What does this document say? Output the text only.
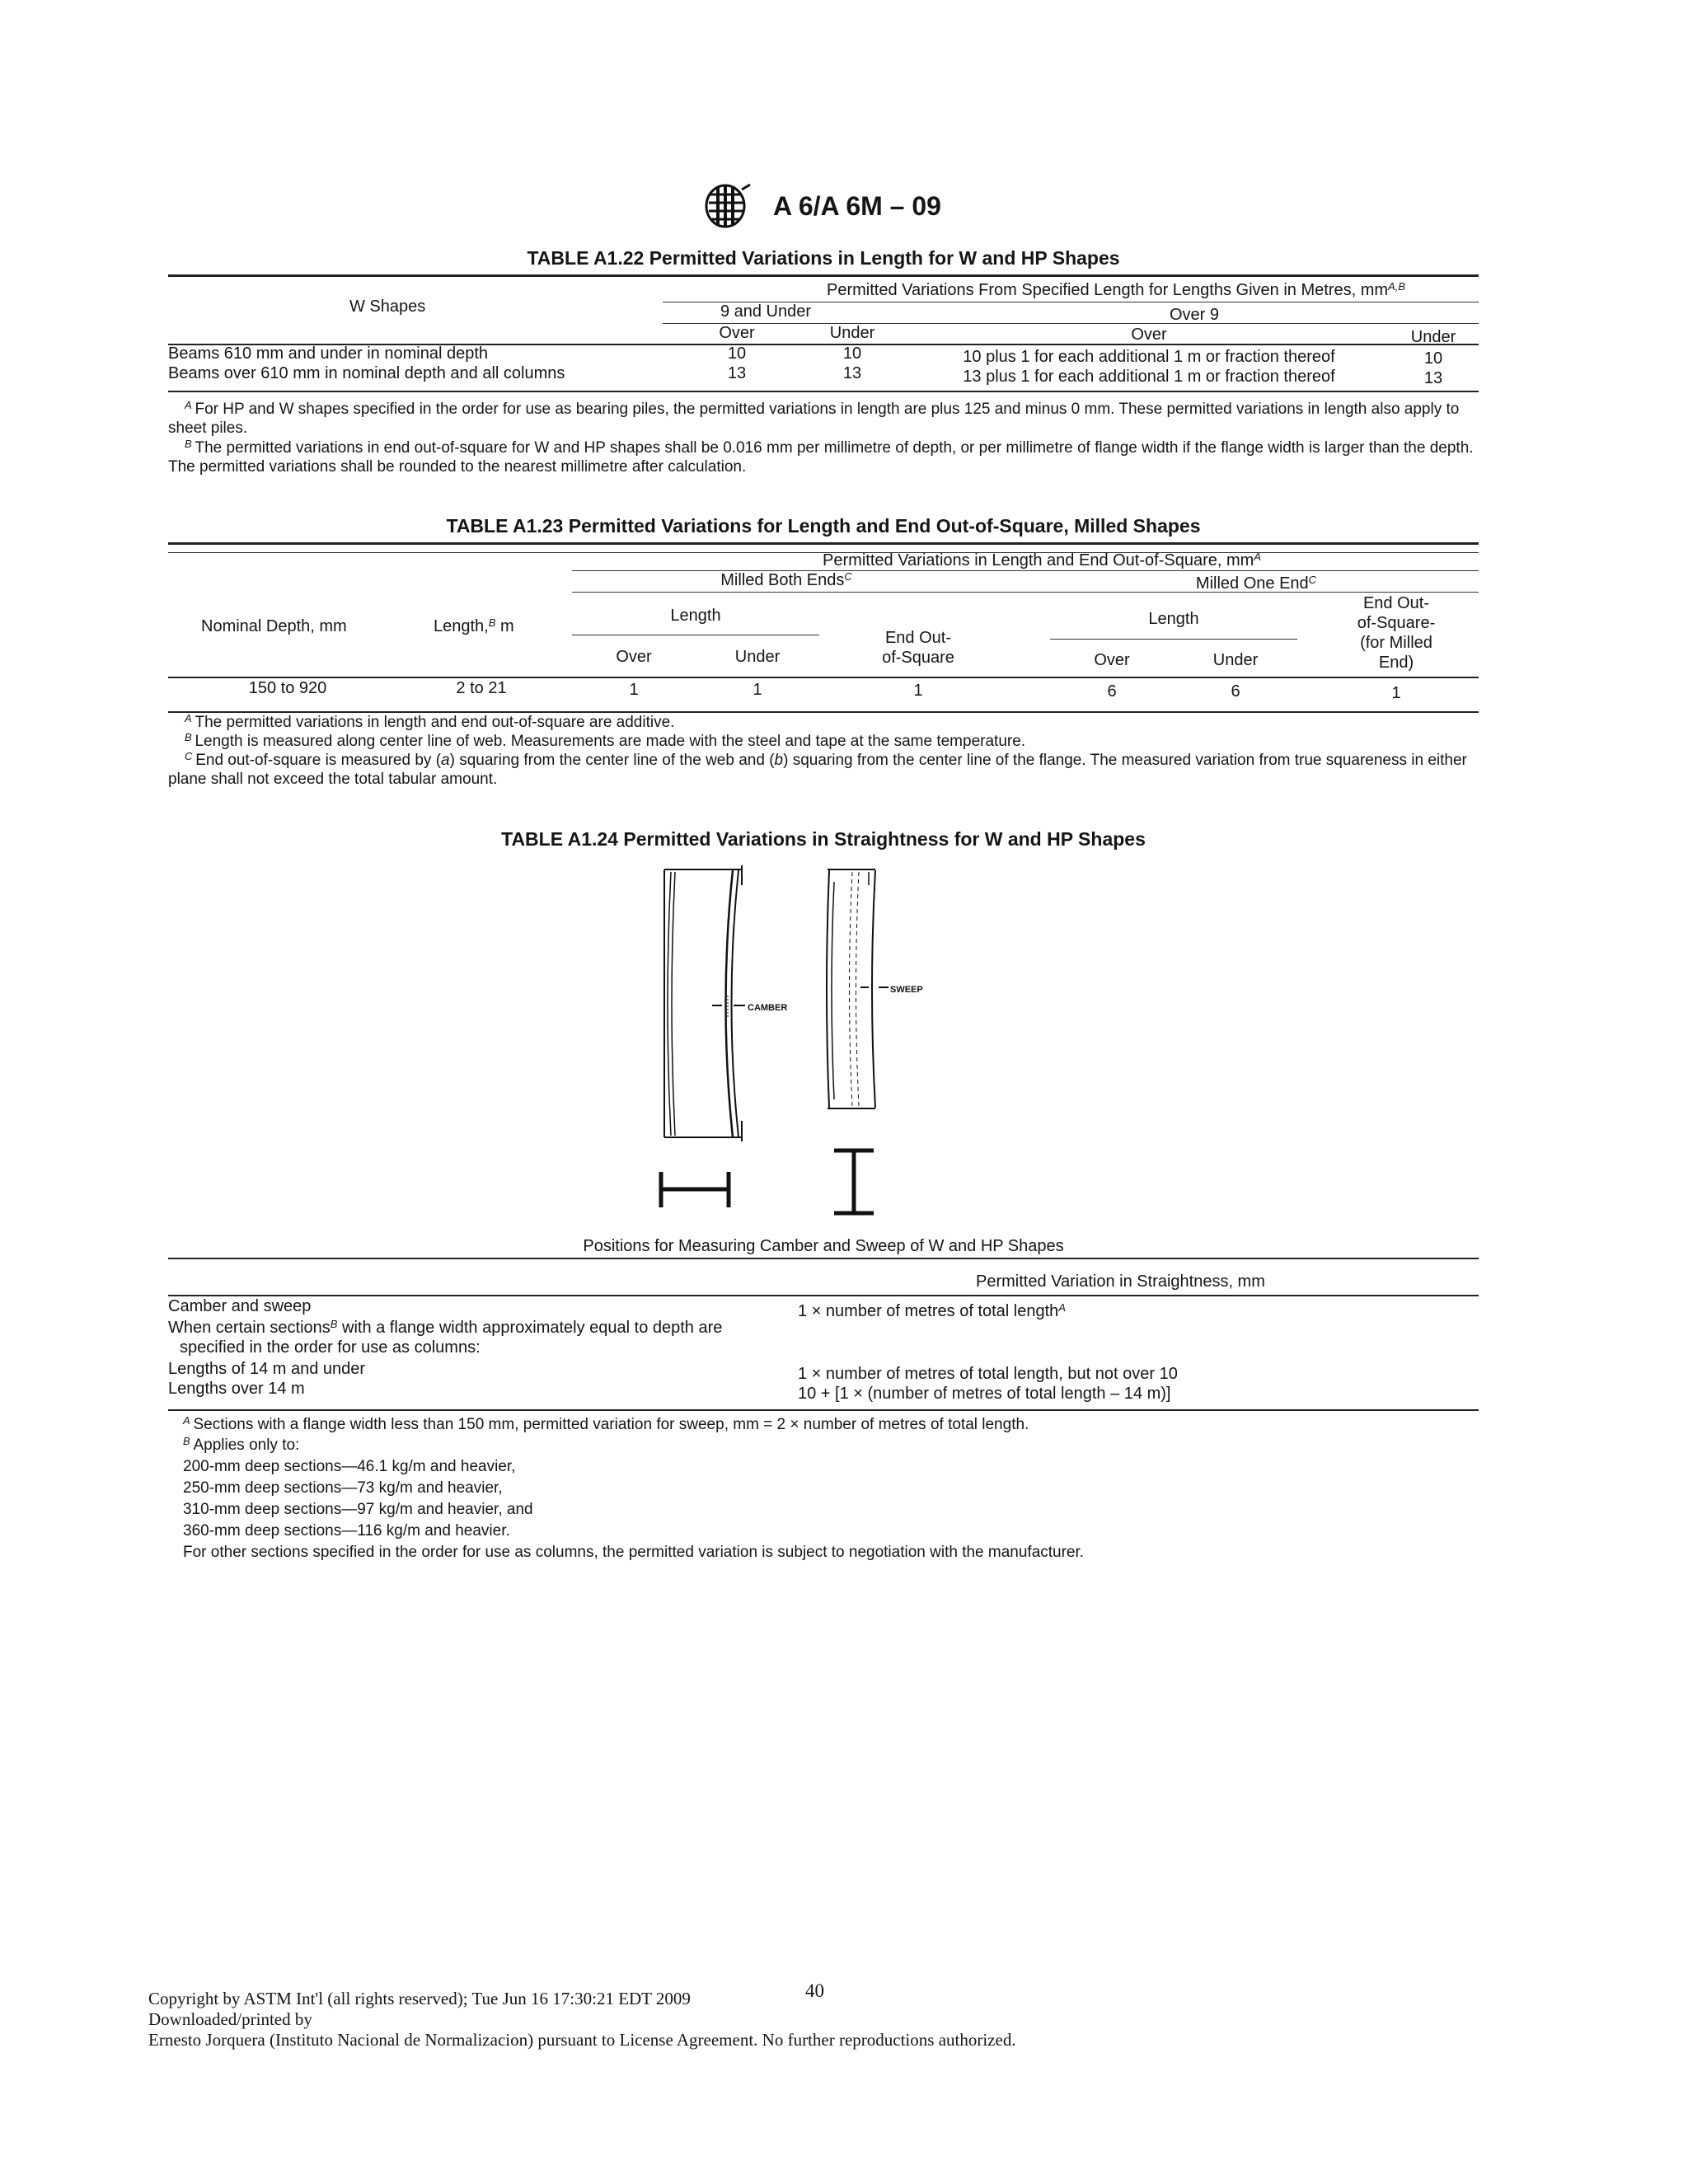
A 6/A 6M – 09
TABLE A1.22 Permitted Variations in Length for W and HP Shapes
W Shapes
Permitted Variations From Specified Length for Lengths Given in Metres, $mm^{A,B}$
9 and Under	Over 9
Over	Under	Over	Under
Beams 610 mm and under in nominal depth	10	10	10 plus 1 for each additional 1 m or fraction thereof	10
Beams over 610 mm in nominal depth and all columns	13	13	13 plus 1 for each additional 1 m or fraction thereof	13
$^A$  For HP and W shapes specified in the order for use as bearing piles, the permitted variations in length are plus 125 and minus 0 mm. These permitted variations in length also apply to sheet piles.
$^B$  The permitted variations in end out-of-square for W and HP shapes shall be 0.016 mm per millimetre of depth, or per millimetre of flange width if the flange width is larger than the depth. The permitted variations shall be rounded to the nearest millimetre after calculation.
TABLE A1.23 Permitted Variations for Length and End Out-of-Square, Milled Shapes
Permitted Variations in Length and End Out-of-Square, $mm^A$
Milled Both Ends$^C$	Milled One End$^C$
Nominal Depth, mm	Length,$^B$ m
Length
Over	Under
End Out-
of-Square
Length
Over	Under
End Out-
of-Square-
(for Milled
End)
150 to 920	2 to 21	1	1	1	6	6	1
$^A$  The permitted variations in length and end out-of-square are additive.
$^B$  Length is measured along center line of web. Measurements are made with the steel and tape at the same temperature.
$^C$  End out-of-square is measured by (a) squaring from the center line of the web and (b) squaring from the center line of the flange. The measured variation from true squareness in either plane shall not exceed the total tabular amount.
TABLE A1.24 Permitted Variations in Straightness for W and HP Shapes
CAMBER
SWEEP
Positions for Measuring Camber and Sweep of W and HP Shapes
Permitted Variation in Straightness, mm
Camber and sweep	1 × number of metres of total length$^A$
When certain sections$^B$ with a flange width approximately equal to depth are
specified in the order for use as columns:
Lengths of 14 m and under	1 × number of metres of total length, but not over 10
Lengths over 14 m	10 + [1 × (number of metres of total length – 14 m)]
$^A$  Sections with a flange width less than 150 mm, permitted variation for sweep, mm = 2 × number of metres of total length.
$^B$  Applies only to:
200-mm deep sections—46.1 kg/m and heavier,
250-mm deep sections—73 kg/m and heavier,
310-mm deep sections—97 kg/m and heavier, and
360-mm deep sections—116 kg/m and heavier.
For other sections specified in the order for use as columns, the permitted variation is subject to negotiation with the manufacturer.
Copyright by ASTM Int'l (all rights reserved); Tue Jun 16 17:30:21 EDT 2009	40
Downloaded/printed by
Ernesto Jorquera (Instituto Nacional de Normalizacion) pursuant to License Agreement. No further reproductions authorized.
